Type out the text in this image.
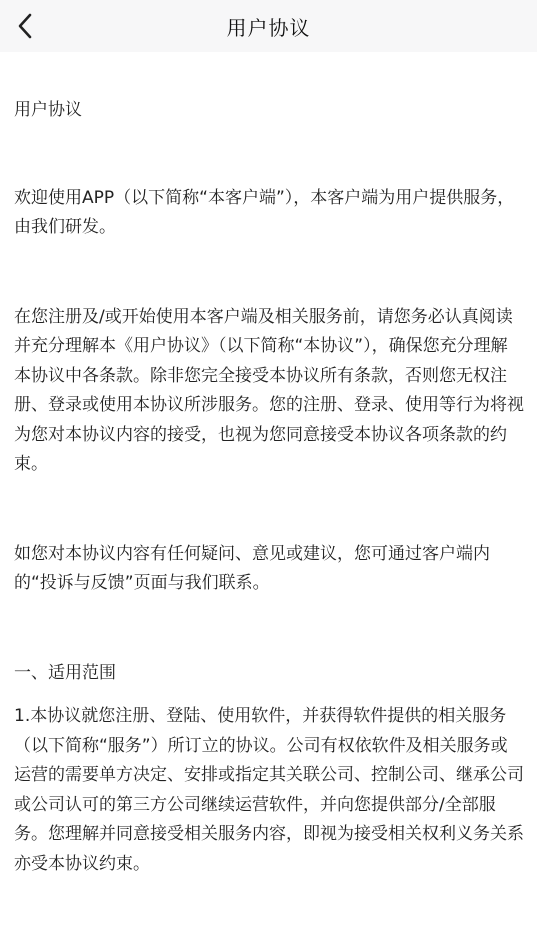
用户协议

用户协议

欢迎使用APP（以下简称“本客户端”），本客户端为用户提供服务，由我们研发。

在您注册及/或开始使用本客户端及相关服务前，请您务必认真阅读并充分理解本《用户协议》（以下简称“本协议”），确保您充分理解本协议中各条款。除非您完全接受本协议所有条款，否则您无权注册、登录或使用本协议所涉服务。您的注册、登录、使用等行为将视为您对本协议内容的接受，也视为您同意接受本协议各项条款的约束。

如您对本协议内容有任何疑问、意见或建议，您可通过客户端内的“投诉与反馈”页面与我们联系。

一、适用范围

1.本协议就您注册、登陆、使用软件，并获得软件提供的相关服务（以下简称“服务”）所订立的协议。公司有权依软件及相关服务或运营的需要单方决定、安排或指定其关联公司、控制公司、继承公司或公司认可的第三方公司继续运营软件，并向您提供部分/全部服务。您理解并同意接受相关服务内容，即视为接受相关权利义务关系亦受本协议约束。
